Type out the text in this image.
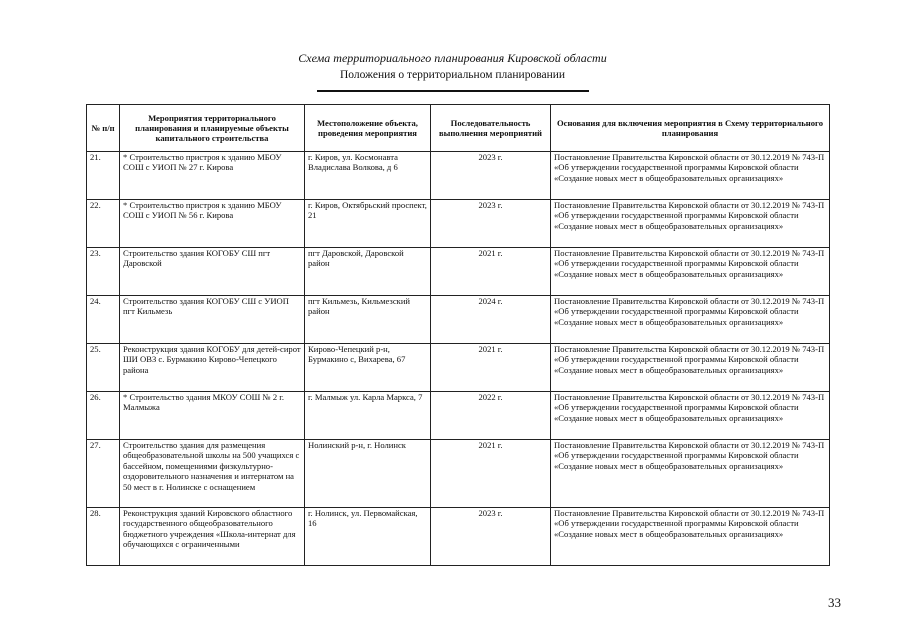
Схема территориального планирования Кировской области
Положения о территориальном планировании
№ п/п	Мероприятия территориального планирования и планируемые объекты капитального строительства	Местоположение объекта, проведения мероприятия	Последовательность выполнения мероприятий	Основания для включения мероприятия в Схему территориального планирования
21.	* Строительство пристроя к зданию МБОУ СОШ с УИОП № 27 г. Кирова	г. Киров, ул. Космонавта Владислава Волкова, д 6	2023 г.	Постановление Правительства Кировской области от 30.12.2019 № 743-П «Об утверждении государственной программы Кировской области «Создание новых мест в общеобразовательных организациях»
22.	* Строительство пристроя к зданию МБОУ СОШ с УИОП № 56 г. Кирова	г. Киров, Октябрьский проспект, 21	2023 г.	Постановление Правительства Кировской области от 30.12.2019 № 743-П «Об утверждении государственной программы Кировской области «Создание новых мест в общеобразовательных организациях»
23.	Строительство здания КОГОБУ СШ пгт Даровской	пгт Даровской, Даровской район	2021 г.	Постановление Правительства Кировской области от 30.12.2019 № 743-П «Об утверждении государственной программы Кировской области «Создание новых мест в общеобразовательных организациях»
24.	Строительство здания КОГОБУ СШ с УИОП пгт Кильмезь	пгт Кильмезь, Кильмезский район	2024 г.	Постановление Правительства Кировской области от 30.12.2019 № 743-П «Об утверждении государственной программы Кировской области «Создание новых мест в общеобразовательных организациях»
25.	Реконструкция здания КОГОБУ для детей-сирот ШИ ОВЗ с. Бурмакино Кирово-Чепецкого района	Кирово-Чепецкий р-н, Бурмакино с, Вихарева, 67	2021 г.	Постановление Правительства Кировской области от 30.12.2019 № 743-П «Об утверждении государственной программы Кировской области «Создание новых мест в общеобразовательных организациях»
26.	* Строительство здания МКОУ СОШ № 2 г. Малмыжа	г. Малмыж ул. Карла Маркса, 7	2022 г.	Постановление Правительства Кировской области от 30.12.2019 № 743-П «Об утверждении государственной программы Кировской области «Создание новых мест в общеобразовательных организациях»
27.	Строительство здания для размещения общеобразовательной школы на 500 учащихся с бассейном, помещениями физкультурно-оздоровительного назначения и интернатом на 50 мест в г. Нолинске с оснащением	Нолинский р-н, г. Нолинск	2021 г.	Постановление Правительства Кировской области от 30.12.2019 № 743-П «Об утверждении государственной программы Кировской области «Создание новых мест в общеобразовательных организациях»
28.	Реконструкция зданий Кировского областного государственного общеобразовательного бюджетного учреждения «Школа-интернат для обучающихся с ограниченными	г. Нолинск, ул. Первомайская, 16	2023 г.	Постановление Правительства Кировской области от 30.12.2019 № 743-П «Об утверждении государственной программы Кировской области «Создание новых мест в общеобразовательных организациях»
33
